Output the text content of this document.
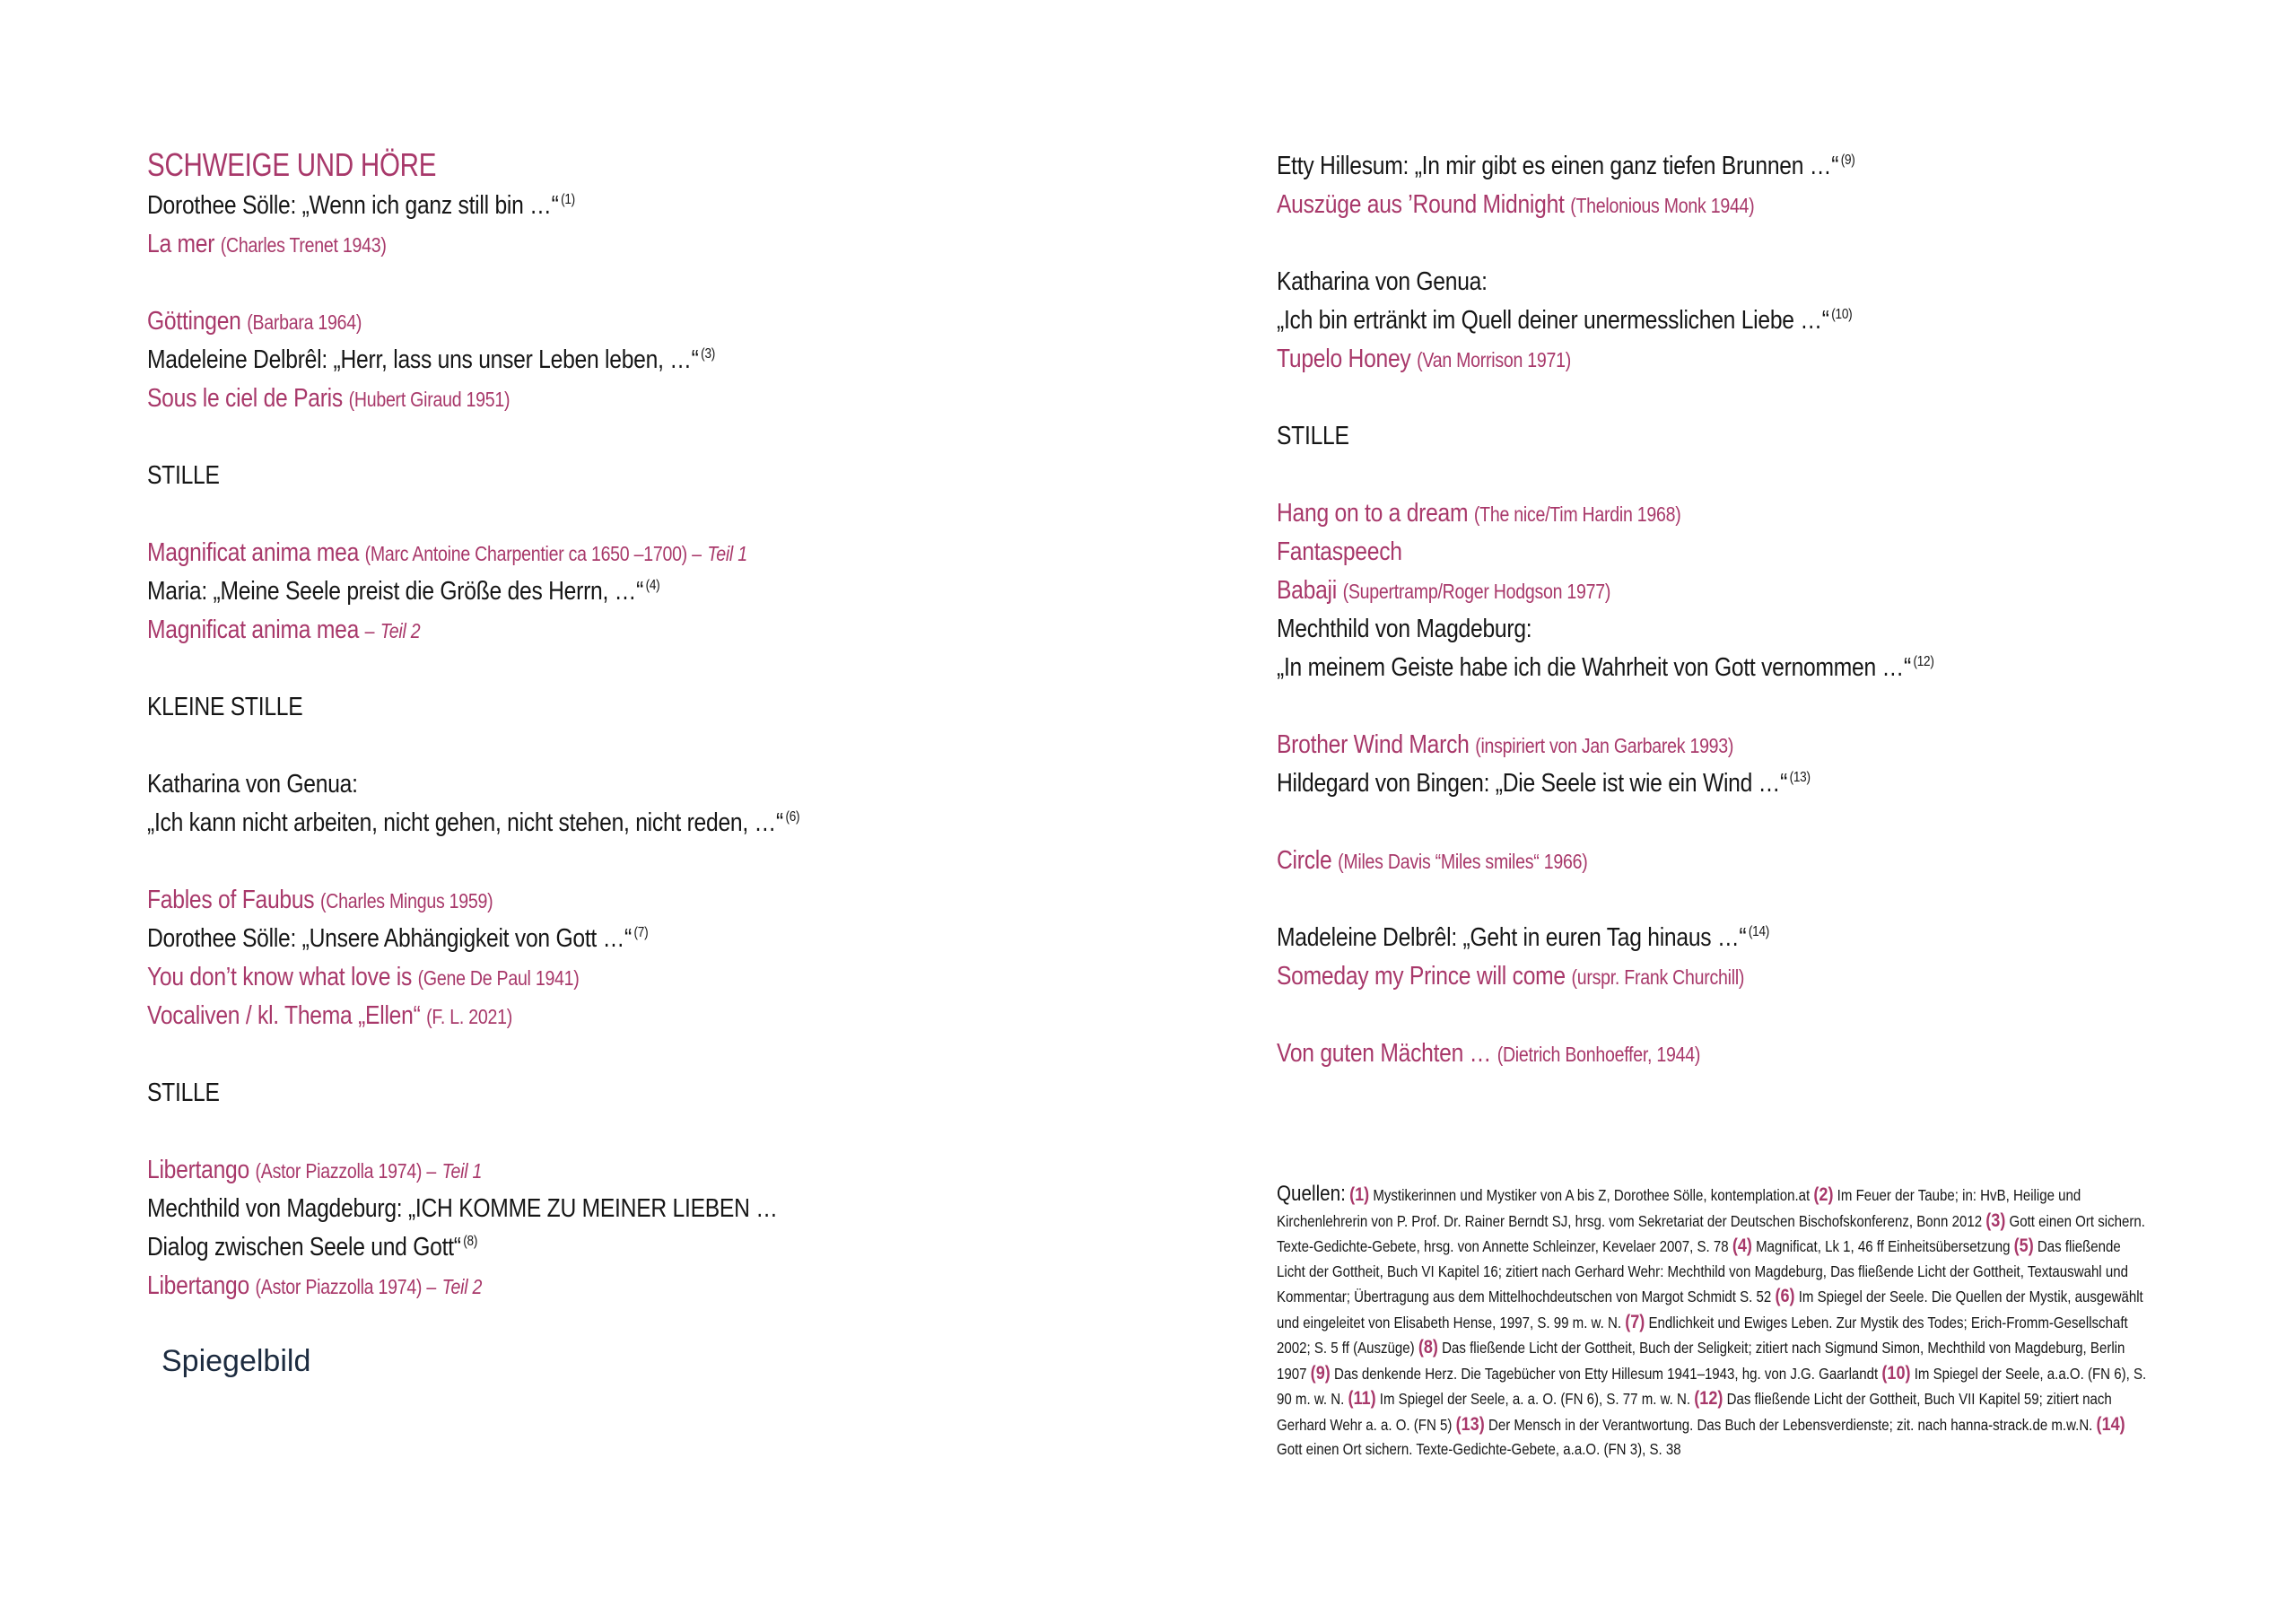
SCHWEIGE UND HÖRE
Dorothee Sölle: „Wenn ich ganz still bin …“ $^{(1)}$
La mer (Charles Trenet 1943)
Göttingen (Barbara 1964)
Madeleine Delbrêl: „Herr, lass uns unser Leben leben, …“ $^{(3)}$
Sous le ciel de Paris (Hubert Giraud 1951)
STILLE
Magnificat anima mea (Marc Antoine Charpentier ca 1650 –1700) – Teil 1
Maria: „Meine Seele preist die Größe des Herrn, …“ $^{(4)}$
Magnificat anima mea – Teil 2
KLEINE STILLE
Katharina von Genua:
„Ich kann nicht arbeiten, nicht gehen, nicht stehen, nicht reden, …“ $^{(6)}$
Fables of Faubus (Charles Mingus 1959)
Dorothee Sölle: „Unsere Abhängigkeit von Gott …“ $^{(7)}$
You don’t know what love is (Gene De Paul 1941)
Vocaliven / kl. Thema „Ellen“ (F. L. 2021)
STILLE
Libertango (Astor Piazzolla 1974) – Teil 1
Mechthild von Magdeburg: „ICH KOMME ZU MEINER LIEBEN …
Dialog zwischen Seele und Gott“ $^{(8)}$
Libertango (Astor Piazzolla 1974) – Teil 2
Spiegelbild
Etty Hillesum: „In mir gibt es einen ganz tiefen Brunnen …“ $^{(9)}$
Auszüge aus ’Round Midnight (Thelonious Monk 1944)
Katharina von Genua:
„Ich bin ertränkt im Quell deiner unermesslichen Liebe …“ $^{(10)}$
Tupelo Honey (Van Morrison 1971)
STILLE
Hang on to a dream (The nice/Tim Hardin 1968)
Fantaspeech
Babaji (Supertramp/Roger Hodgson 1977)
Mechthild von Magdeburg:
„In meinem Geiste habe ich die Wahrheit von Gott vernommen …“ $^{(12)}$
Brother Wind March (inspiriert von Jan Garbarek 1993)
Hildegard von Bingen: „Die Seele ist wie ein Wind …“ $^{(13)}$
Circle (Miles Davis “Miles smiles“ 1966)
Madeleine Delbrêl: „Geht in euren Tag hinaus …“ $^{(14)}$
Someday my Prince will come (urspr. Frank Churchill)
Von guten Mächten … (Dietrich Bonhoeffer, 1944)
Quellen: (1) Mystikerinnen und Mystiker von A bis Z, Dorothee Sölle, kontemplation.at (2) Im Feuer der Taube; in: HvB, Heilige und Kirchenlehrerin von P. Prof. Dr. Rainer Berndt SJ, hrsg. vom Sekretariat der Deutschen Bischofskonferenz, Bonn 2012 (3) Gott einen Ort sichern. Texte-Gedichte-Gebete, hrsg. von Annette Schleinzer, Kevelaer 2007, S. 78 (4) Magnificat, Lk 1, 46 ff Einheitsübersetzung (5) Das fließende Licht der Gottheit, Buch VI Kapitel 16; zitiert nach Gerhard Wehr: Mechthild von Magdeburg, Das fließende Licht der Gottheit, Textauswahl und Kommentar; Übertragung aus dem Mittelhochdeutschen von Margot Schmidt S. 52 (6) Im Spiegel der Seele. Die Quellen der Mystik, ausgewählt und eingeleitet von Elisabeth Hense, 1997, S. 99 m. w. N. (7) Endlichkeit und Ewiges Leben. Zur Mystik des Todes; Erich-Fromm-Gesellschaft 2002; S. 5 ff (Auszüge) (8) Das fließende Licht der Gottheit, Buch der Seligkeit; zitiert nach Sigmund Simon, Mechthild von Magdeburg, Berlin 1907 (9) Das denkende Herz. Die Tagebücher von Etty Hillesum 1941–1943, hg. von J.G. Gaarlandt (10) Im Spiegel der Seele, a.a.O. (FN 6), S. 90 m. w. N. (11) Im Spiegel der Seele, a. a. O. (FN 6), S. 77 m. w. N. (12) Das fließende Licht der Gottheit, Buch VII Kapitel 59; zitiert nach Gerhard Wehr a. a. O. (FN 5) (13) Der Mensch in der Verantwortung. Das Buch der Lebensverdienste; zit. nach hanna-strack.de m.w.N. (14) Gott einen Ort sichern. Texte-Gedichte-Gebete, a.a.O. (FN 3), S. 38
